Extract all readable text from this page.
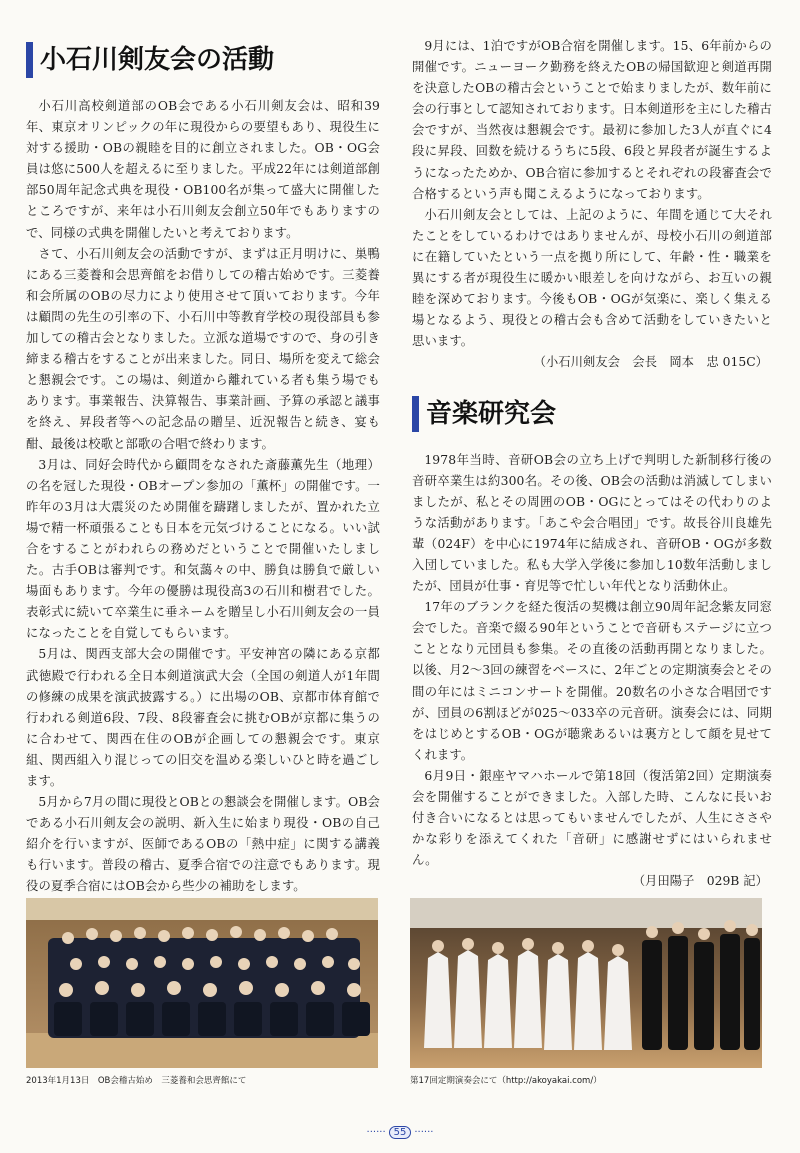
小石川剣友会の活動

小石川高校剣道部のOB会である小石川剣友会は、昭和39年、東京オリンピックの年に現役からの要望もあり、現役生に対する援助・OBの親睦を目的に創立されました。OB・OG会員は悠に500人を超えるに至りました。平成22年には剣道部創部50周年記念式典を現役・OB100名が集って盛大に開催したところですが、来年は小石川剣友会創立50年でもありますので、同様の式典を開催したいと考えております。

さて、小石川剣友会の活動ですが、まずは正月明けに、巣鴨にある三菱養和会思齊館をお借りしての稽古始めです。三菱養和会所属のOBの尽力により使用させて頂いております。今年は顧問の先生の引率の下、小石川中等教育学校の現役部員も参加しての稽古会となりました。立派な道場ですので、身の引き締まる稽古をすることが出来ました。同日、場所を変えて総会と懇親会です。この場は、剣道から離れている者も集う場でもあります。事業報告、決算報告、事業計画、予算の承認と議事を終え、昇段者等への記念品の贈呈、近況報告と続き、宴も酣、最後は校歌と部歌の合唱で終わります。

3月は、同好会時代から顧問をなされた斎藤薫先生（地理）の名を冠した現役・OBオープン参加の「薫杯」の開催です。一昨年の3月は大震災のため開催を躊躇しましたが、置かれた立場で精一杯頑張ることも日本を元気づけることになる。いい試合をすることがわれらの務めだということで開催いたしました。古手OBは審判です。和気藹々の中、勝負は勝負で厳しい場面もあります。今年の優勝は現役高3の石川和樹君でした。表彰式に続いて卒業生に垂ネームを贈呈し小石川剣友会の一員になったことを自覚してもらいます。

5月は、関西支部大会の開催です。平安神宮の隣にある京都武徳殿で行われる全日本剣道演武大会（全国の剣道人が1年間の修練の成果を演武披露する。）に出場のOB、京都市体育館で行われる剣道6段、7段、8段審査会に挑むOBが京都に集うのに合わせて、関西在住のOBが企画しての懇親会です。東京組、関西組入り混じっての旧交を温める楽しいひと時を過ごします。

5月から7月の間に現役とOBとの懇談会を開催します。OB会である小石川剣友会の説明、新入生に始まり現役・OBの自己紹介を行いますが、医師であるOBの「熱中症」に関する講義も行います。普段の稽古、夏季合宿での注意でもあります。現役の夏季合宿にはOB会から些少の補助をします。

2013年1月13日　OB会稽古始め　三菱養和会思齊館にて

9月には、1泊ですがOB合宿を開催します。15、6年前からの開催です。ニューヨーク勤務を終えたOBの帰国歓迎と剣道再開を決意したOBの稽古会ということで始まりましたが、数年前に会の行事として認知されております。日本剣道形を主にした稽古会ですが、当然夜は懇親会です。最初に参加した3人が直ぐに4段に昇段、回数を続けるうちに5段、6段と昇段者が誕生するようになったためか、OB合宿に参加するとそれぞれの段審査会で合格するという声も聞こえるようになっております。

小石川剣友会としては、上記のように、年間を通じて大それたことをしているわけではありませんが、母校小石川の剣道部に在籍していたという一点を拠り所にして、年齢・性・職業を異にする者が現役生に暖かい眼差しを向けながら、お互いの親睦を深めております。今後もOB・OGが気楽に、楽しく集える場となるよう、現役との稽古会も含めて活動をしていきたいと思います。

（小石川剣友会　会長　岡本　忠 015C）

音楽研究会

1978年当時、音研OB会の立ち上げで判明した新制移行後の音研卒業生は約300名。その後、OB会の活動は消滅してしまいましたが、私とその周囲のOB・OGにとってはその代わりのような活動があります。「あこや会合唱団」です。故長谷川良雄先輩（024F）を中心に1974年に結成され、音研OB・OGが多数入団していました。私も大学入学後に参加し10数年活動しましたが、団員が仕事・育児等で忙しい年代となり活動休止。

17年のブランクを経た復活の契機は創立90周年記念紫友同窓会でした。音楽で綴る90年ということで音研もステージに立つこととなり元団員も参集。その直後の活動再開となりました。以後、月2～3回の練習をベースに、2年ごとの定期演奏会とその間の年にはミニコンサートを開催。20数名の小さな合唱団ですが、団員の6割ほどが025～033卒の元音研。演奏会には、同期をはじめとするOB・OGが聴衆あるいは裏方として顔を見せてくれます。

6月9日・銀座ヤマハホールで第18回（復活第2回）定期演奏会を開催することができました。入部した時、こんなに長いお付き合いになるとは思ってもいませんでしたが、人生にささやかな彩りを添えてくれた「音研」に感謝せずにはいられません。

（月田陽子　029B 記）

第17回定期演奏会にて（http://akoyakai.com/）
······ 55 ······
